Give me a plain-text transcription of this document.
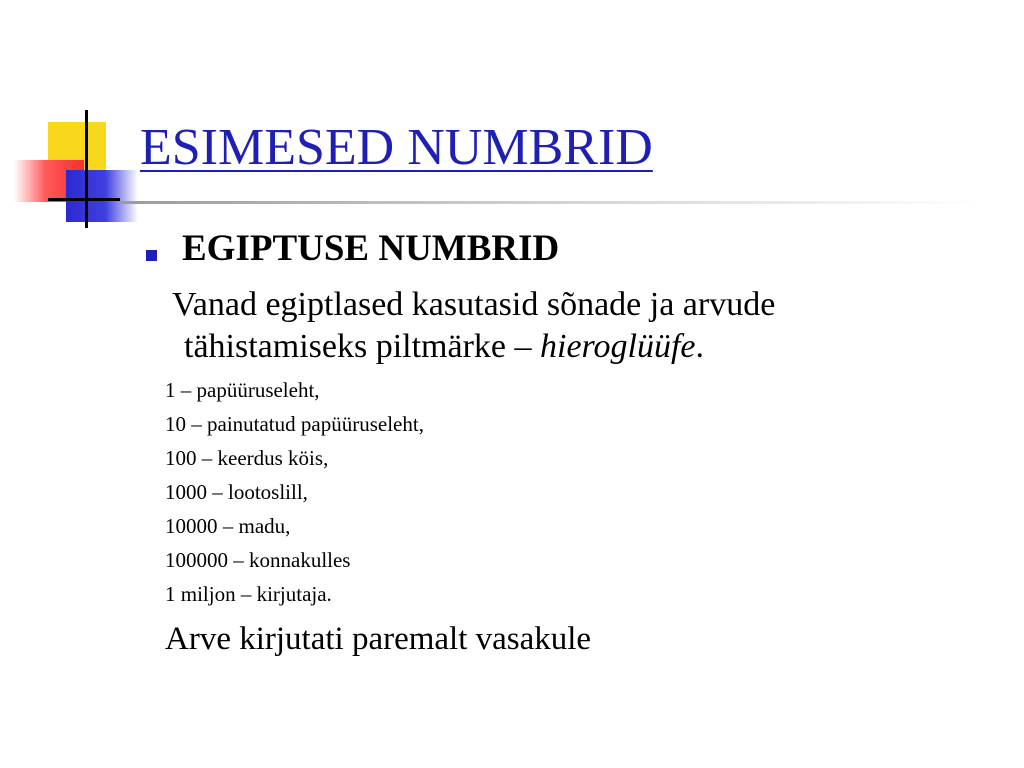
ESIMESED NUMBRID
EGIPTUSE NUMBRID
Vanad egiptlased kasutasid sõnade ja arvude
tähistamiseks piltmärke – hieroglüüfe.
1 – papüüruseleht,
10 – painutatud papüüruseleht,
100 – keerdus köis,
1000 – lootoslill,
10000 – madu,
100000 – konnakulles
1 miljon – kirjutaja.
Arve kirjutati paremalt vasakule
